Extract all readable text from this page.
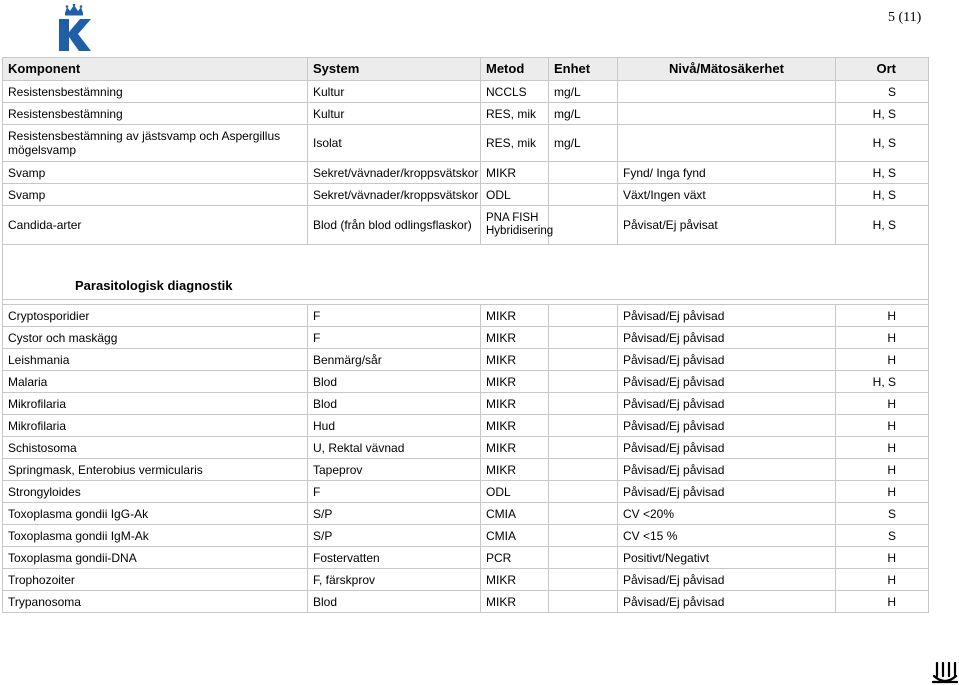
5 (11)
Komponent	System	Metod	Enhet	Nivå/Mätosäkerhet	Ort
Resistensbestämning	Kultur	NCCLS	mg/L		S
Resistensbestämning	Kultur	RES, mik	mg/L		H, S
Resistensbestämning av jästsvamp och Aspergillus mögelsvamp	Isolat	RES, mik	mg/L		H, S
Svamp	Sekret/vävnader/kroppsvätskor	MIKR		Fynd/ Inga fynd	H, S
Svamp	Sekret/vävnader/kroppsvätskor	ODL		Växt/Ingen växt	H, S
Candida-arter	Blod (från blod odlingsflaskor)	PNA FISH Hybridisering		Påvisat/Ej påvisat	H, S
Parasitologisk diagnostik					

Cryptosporidier	F	MIKR		Påvisad/Ej påvisad	H
Cystor och maskägg	F	MIKR		Påvisad/Ej påvisad	H
Leishmania	Benmärg/sår	MIKR		Påvisad/Ej påvisad	H
Malaria	Blod	MIKR		Påvisad/Ej påvisad	H, S
Mikrofilaria	Blod	MIKR		Påvisad/Ej påvisad	H
Mikrofilaria	Hud	MIKR		Påvisad/Ej påvisad	H
Schistosoma	U, Rektal vävnad	MIKR		Påvisad/Ej påvisad	H
Springmask, Enterobius vermicularis	Tapeprov	MIKR		Påvisad/Ej påvisad	H
Strongyloides	F	ODL		Påvisad/Ej påvisad	H
Toxoplasma gondii IgG-Ak	S/P	CMIA		CV <20%	S
Toxoplasma gondii IgM-Ak	S/P	CMIA		CV <15 %	S
Toxoplasma gondii-DNA	Fostervatten	PCR		Positivt/Negativt	H
Trophozoiter	F, färskprov	MIKR		Påvisad/Ej påvisad	H
Trypanosoma	Blod	MIKR		Påvisad/Ej påvisad	H
